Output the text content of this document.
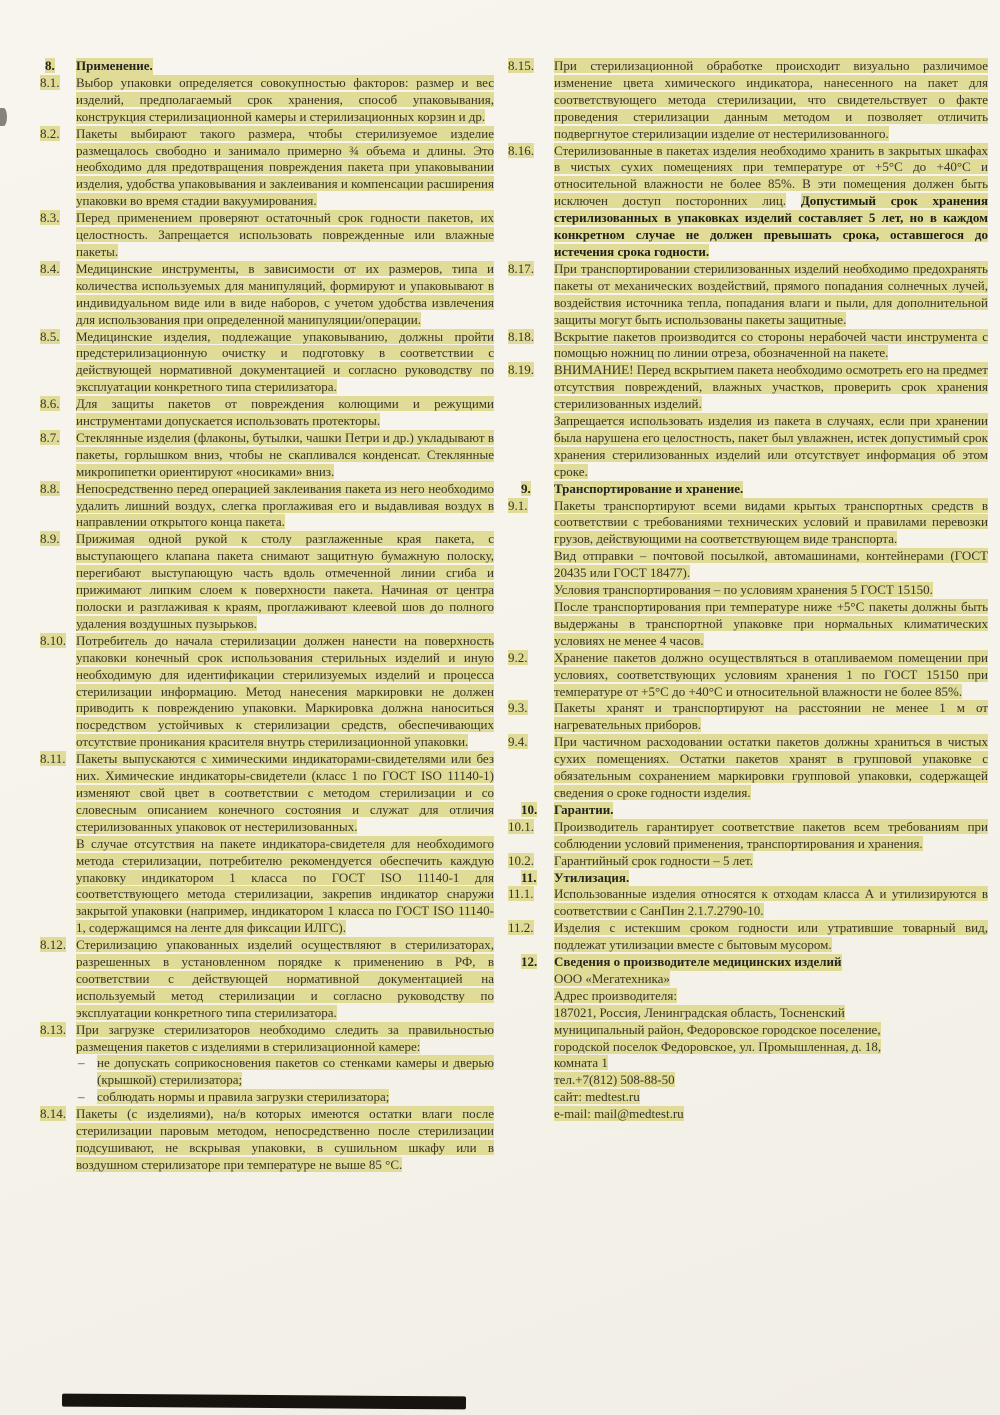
8.	Применение.
8.1.	Выбор упаковки определяется совокупностью факторов: размер и вес изделий, предполагаемый срок хранения, способ упаковывания, конструкция стерилизационной камеры и стерилизационных корзин и др.
8.2.	Пакеты выбирают такого размера, чтобы стерилизуемое изделие размещалось свободно и занимало примерно ¾ объема и длины. Это необходимо для предотвращения повреждения пакета при упаковывании изделия, удобства упаковывания и заклеивания и компенсации расширения упаковки во время стадии вакуумирования.
8.3.	Перед применением проверяют остаточный срок годности пакетов, их целостность. Запрещается использовать поврежденные или влажные пакеты.
8.4.	Медицинские инструменты, в зависимости от их размеров, типа и количества используемых для манипуляций, формируют и упаковывают в индивидуальном виде или в виде наборов, с учетом удобства извлечения для использования при определенной манипуляции/операции.
8.5.	Медицинские изделия, подлежащие упаковыванию, должны пройти предстерилизационную очистку и подготовку в соответствии с действующей нормативной документацией и согласно руководству по эксплуатации конкретного типа стерилизатора.
8.6.	Для защиты пакетов от повреждения колющими и режущими инструментами допускается использовать протекторы.
8.7.	Стеклянные изделия (флаконы, бутылки, чашки Петри и др.) укладывают в пакеты, горлышком вниз, чтобы не скапливался конденсат. Стеклянные микропипетки ориентируют «носиками» вниз.
8.8.	Непосредственно перед операцией заклеивания пакета из него необходимо удалить лишний воздух, слегка проглаживая его и выдавливая воздух в направлении открытого конца пакета.
8.9.	Прижимая одной рукой к столу разглаженные края пакета, с выступающего клапана пакета снимают защитную бумажную полоску, перегибают выступающую часть вдоль отмеченной линии сгиба и прижимают липким слоем к поверхности пакета. Начиная от центра полоски и разглаживая к краям, проглаживают клеевой шов до полного удаления воздушных пузырьков.
8.10. Потребитель до начала стерилизации должен нанести на поверхность упаковки конечный срок использования стерильных изделий и иную необходимую для идентификации стерилизуемых изделий и процесса стерилизации информацию. Метод нанесения маркировки не должен приводить к повреждению упаковки. Маркировка должна наноситься посредством устойчивых к стерилизации средств, обеспечивающих отсутствие проникания красителя внутрь стерилизационной упаковки.
8.11. Пакеты выпускаются с химическими индикаторами-свидетелями или без них. Химические индикаторы-свидетели (класс 1 по ГОСТ ISO 11140-1) изменяют свой цвет в соответствии с методом стерилизации и со словесным описанием конечного состояния и служат для отличия стерилизованных упаковок от нестерилизованных.
В случае отсутствия на пакете индикатора-свидетеля для необходимого метода стерилизации, потребителю рекомендуется обеспечить каждую упаковку индикатором 1 класса по ГОСТ ISO 11140-1 для соответствующего метода стерилизации, закрепив индикатор снаружи закрытой упаковки (например, индикатором 1 класса по ГОСТ ISO 11140-1, содержащимся на ленте для фиксации ИЛГС).
8.12. Стерилизацию упакованных изделий осуществляют в стерилизаторах, разрешенных в установленном порядке к применению в РФ, в соответствии с действующей нормативной документацией на используемый метод стерилизации и согласно руководству по эксплуатации конкретного типа стерилизатора.
8.13. При загрузке стерилизаторов необходимо следить за правильностью размещения пакетов с изделиями в стерилизационной камере:
– не допускать соприкосновения пакетов со стенками камеры и дверью (крышкой) стерилизатора;
– соблюдать нормы и правила загрузки стерилизатора;
8.14. Пакеты (с изделиями), на/в которых имеются остатки влаги после стерилизации паровым методом, непосредственно после стерилизации подсушивают, не вскрывая упаковки, в сушильном шкафу или в воздушном стерилизаторе при температуре не выше 85 °С.
8.15.	При стерилизационной обработке происходит визуально различимое изменение цвета химического индикатора, нанесенного на пакет для соответствующего метода стерилизации, что свидетельствует о факте проведения стерилизации данным методом и позволяет отличить подвергнутое стерилизации изделие от нестерилизованного.
8.16.	Стерилизованные в пакетах изделия необходимо хранить в закрытых шкафах в чистых сухих помещениях при температуре от +5°С до +40°С и относительной влажности не более 85%. В эти помещения должен быть исключен доступ посторонних лиц. Допустимый срок хранения стерилизованных в упаковках изделий составляет 5 лет, но в каждом конкретном случае не должен превышать срока, оставшегося до истечения срока годности.
8.17.	При транспортировании стерилизованных изделий необходимо предохранять пакеты от механических воздействий, прямого попадания солнечных лучей, воздействия источника тепла, попадания влаги и пыли, для дополнительной защиты могут быть использованы пакеты защитные.
8.18.	Вскрытие пакетов производится со стороны нерабочей части инструмента с помощью ножниц по линии отреза, обозначенной на пакете.
8.19.	ВНИМАНИЕ! Перед вскрытием пакета необходимо осмотреть его на предмет отсутствия повреждений, влажных участков, проверить срок хранения стерилизованных изделий.
Запрещается использовать изделия из пакета в случаях, если при хранении была нарушена его целостность, пакет был увлажнен, истек допустимый срок хранения стерилизованных изделий или отсутствует информация об этом сроке.
9.	Транспортирование и хранение.
9.1.	Пакеты транспортируют всеми видами крытых транспортных средств в соответствии с требованиями технических условий и правилами перевозки грузов, действующими на соответствующем виде транспорта.
Вид отправки – почтовой посылкой, автомашинами, контейнерами (ГОСТ 20435 или ГОСТ 18477).
Условия транспортирования – по условиям хранения 5 ГОСТ 15150.
После транспортирования при температуре ниже +5°С пакеты должны быть выдержаны в транспортной упаковке при нормальных климатических условиях не менее 4 часов.
9.2.	Хранение пакетов должно осуществляться в отапливаемом помещении при условиях, соответствующих условиям хранения 1 по ГОСТ 15150 при температуре от +5°С до +40°С и относительной влажности не более 85%.
9.3.	Пакеты хранят и транспортируют на расстоянии не менее 1 м от нагревательных приборов.
9.4.	При частичном расходовании остатки пакетов должны храниться в чистых сухих помещениях. Остатки пакетов хранят в групповой упаковке с обязательным сохранением маркировки групповой упаковки, содержащей сведения о сроке годности изделия.
10.	Гарантии.
10.1.	Производитель гарантирует соответствие пакетов всем требованиям при соблюдении условий применения, транспортирования и хранения.
10.2.	Гарантийный срок годности – 5 лет.
11.	Утилизация.
11.1.	Использованные изделия относятся к отходам класса А и утилизируются в соответствии с СанПин 2.1.7.2790-10.
11.2.	Изделия с истекшим сроком годности или утратившие товарный вид, подлежат утилизации вместе с бытовым мусором.
12.	Сведения о производителе медицинских изделий
ООО «Мегатехника»
Адрес производителя:
187021, Россия, Ленинградская область, Тосненский
муниципальный район, Федоровское городское поселение,
городской поселок Федоровское, ул. Промышленная, д. 18,
комната 1
тел.+7(812) 508-88-50
сайт: medtest.ru
e-mail: mail@medtest.ru
